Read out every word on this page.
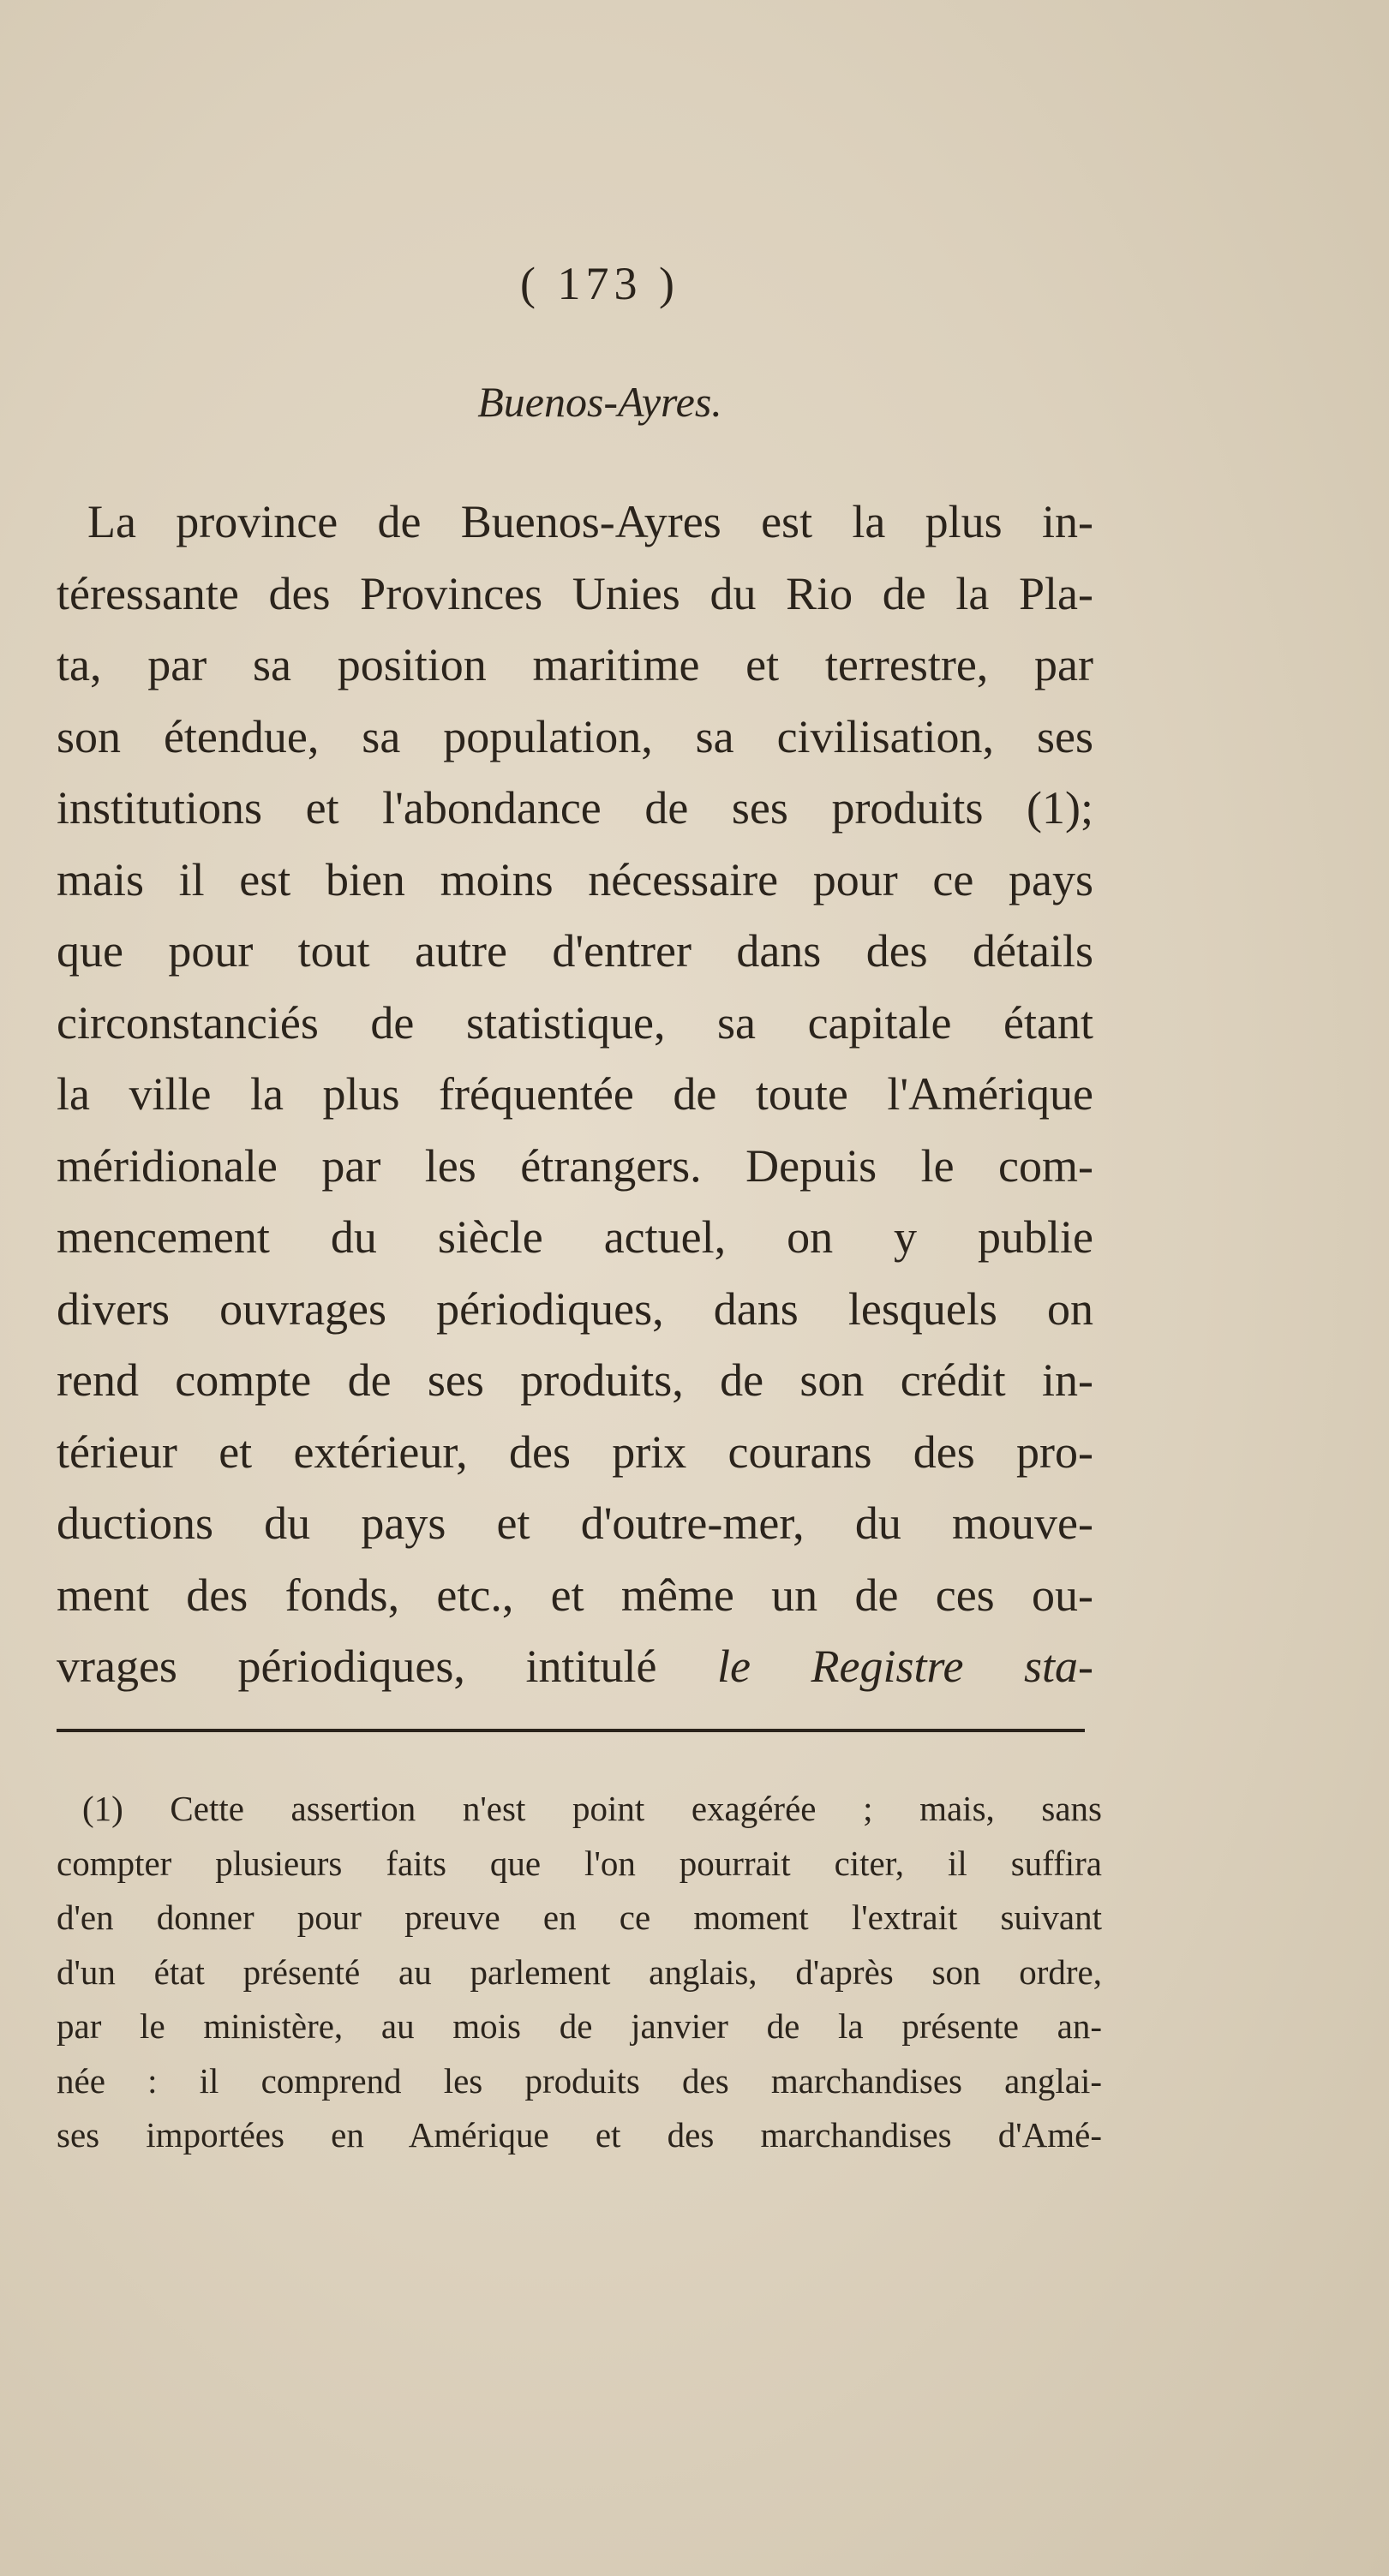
( 173 )
Buenos-Ayres.
La province de Buenos-Ayres est la plus in-
téressante des Provinces Unies du Rio de la Pla-
ta, par sa position maritime et terrestre, par
son étendue, sa population, sa civilisation, ses
institutions et l'abondance de ses produits (1);
mais il est bien moins nécessaire pour ce pays
que pour tout autre d'entrer dans des détails
circonstanciés de statistique, sa capitale étant
la ville la plus fréquentée de toute l'Amérique
méridionale par les étrangers. Depuis le com-
mencement du siècle actuel, on y publie
divers ouvrages périodiques, dans lesquels on
rend compte de ses produits, de son crédit in-
térieur et extérieur, des prix courans des pro-
ductions du pays et d'outre-mer, du mouve-
ment des fonds, etc., et même un de ces ou-
vrages périodiques, intitulé le Registre sta-
(1) Cette assertion n'est point exagérée ; mais, sans
compter plusieurs faits que l'on pourrait citer, il suffira
d'en donner pour preuve en ce moment l'extrait suivant
d'un état présenté au parlement anglais, d'après son ordre,
par le ministère, au mois de janvier de la présente an-
née : il comprend les produits des marchandises anglai-
ses importées en Amérique et des marchandises d'Amé-
